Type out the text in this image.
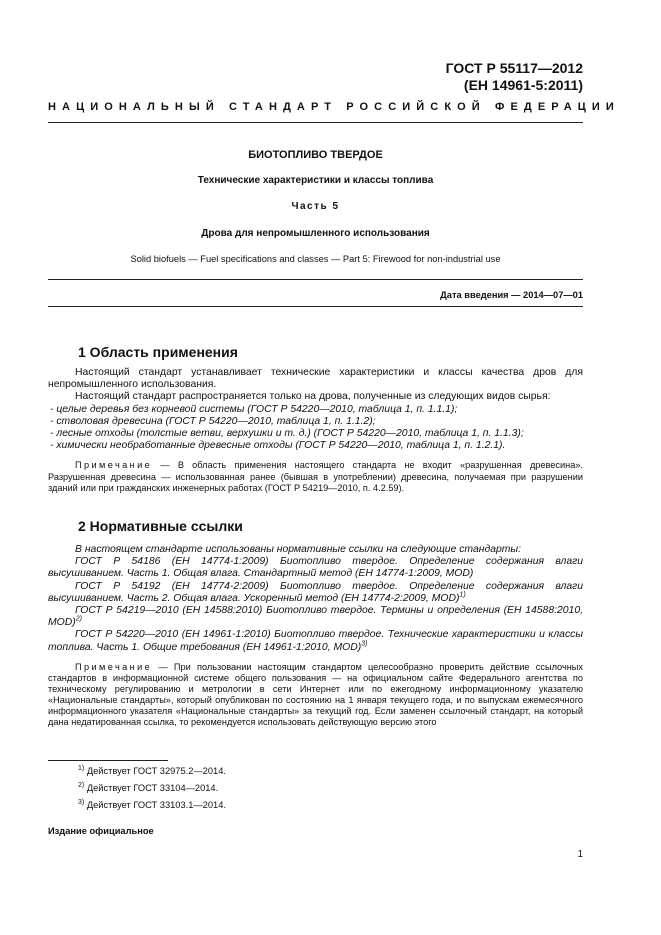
ГОСТ Р 55117—2012
(ЕН 14961-5:2011)
НАЦИОНАЛЬНЫЙ СТАНДАРТ РОССИЙСКОЙ ФЕДЕРАЦИИ
БИОТОПЛИВО ТВЕРДОЕ
Технические характеристики и классы топлива
Часть 5
Дрова для непромышленного использования
Solid biofuels — Fuel specifications and classes — Part 5: Firewood for non-industrial use
Дата введения — 2014—07—01
1 Область применения

Настоящий стандарт устанавливает технические характеристики и классы качества дров для непромышленного использования.

Настоящий стандарт распространяется только на дрова, полученные из следующих видов сырья:

- целые деревья без корневой системы (ГОСТ Р 54220—2010, таблица 1, п. 1.1.1);

- стволовая древесина (ГОСТ Р 54220—2010, таблица 1, п. 1.1.2);

- лесные отходы (толстые ветви, верхушки и т. д.) (ГОСТ Р 54220—2010, таблица 1, п. 1.1.3);

- химически необработанные древесные отходы (ГОСТ Р 54220—2010, таблица 1, п. 1.2.1).

Примечание — В область применения настоящего стандарта не входит «разрушенная древесина». Разрушенная древесина — использованная ранее (бывшая в употреблении) древесина, получаемая при разрушении зданий или при гражданских инженерных работах (ГОСТ Р 54219—2010, п. 4.2.59).

2 Нормативные ссылки

В настоящем стандарте использованы нормативные ссылки на следующие стандарты:

ГОСТ Р 54186 (ЕН 14774-1:2009) Биотопливо твердое. Определение содержания влаги высушиванием. Часть 1. Общая влага. Стандартный метод (ЕН 14774-1:2009, MOD)

ГОСТ Р 54192 (ЕН 14774-2:2009) Биотопливо твердое. Определение содержания влаги высушиванием. Часть 2. Общая влага. Ускоренный метод (ЕН 14774-2:2009, MOD)$^{1)}$

ГОСТ Р 54219—2010 (ЕН 14588:2010) Биотопливо твердое. Термины и определения (ЕН 14588:2010, MOD)$^{2)}$

ГОСТ Р 54220—2010 (ЕН 14961-1:2010) Биотопливо твердое. Технические характеристики и классы топлива. Часть 1. Общие требования (ЕН 14961-1:2010, MOD)$^{3)}$

Примечание — При пользовании настоящим стандартом целесообразно проверить действие ссылочных стандартов в информационной системе общего пользования — на официальном сайте Федерального агентства по техническому регулированию и метрологии в сети Интернет или по ежегодному информационному указателю «Национальные стандарты», который опубликован по состоянию на 1 января текущего года, и по выпускам ежемесячного информационного указателя «Национальные стандарты» за текущий год. Если заменен ссылочный стандарт, на который дана недатированная ссылка, то рекомендуется использовать действующую версию этого

$^{1)}$ Действует ГОСТ 32975.2—2014.
$^{2)}$ Действует ГОСТ 33104—2014.
$^{3)}$ Действует ГОСТ 33103.1—2014.
Издание официальное
1
